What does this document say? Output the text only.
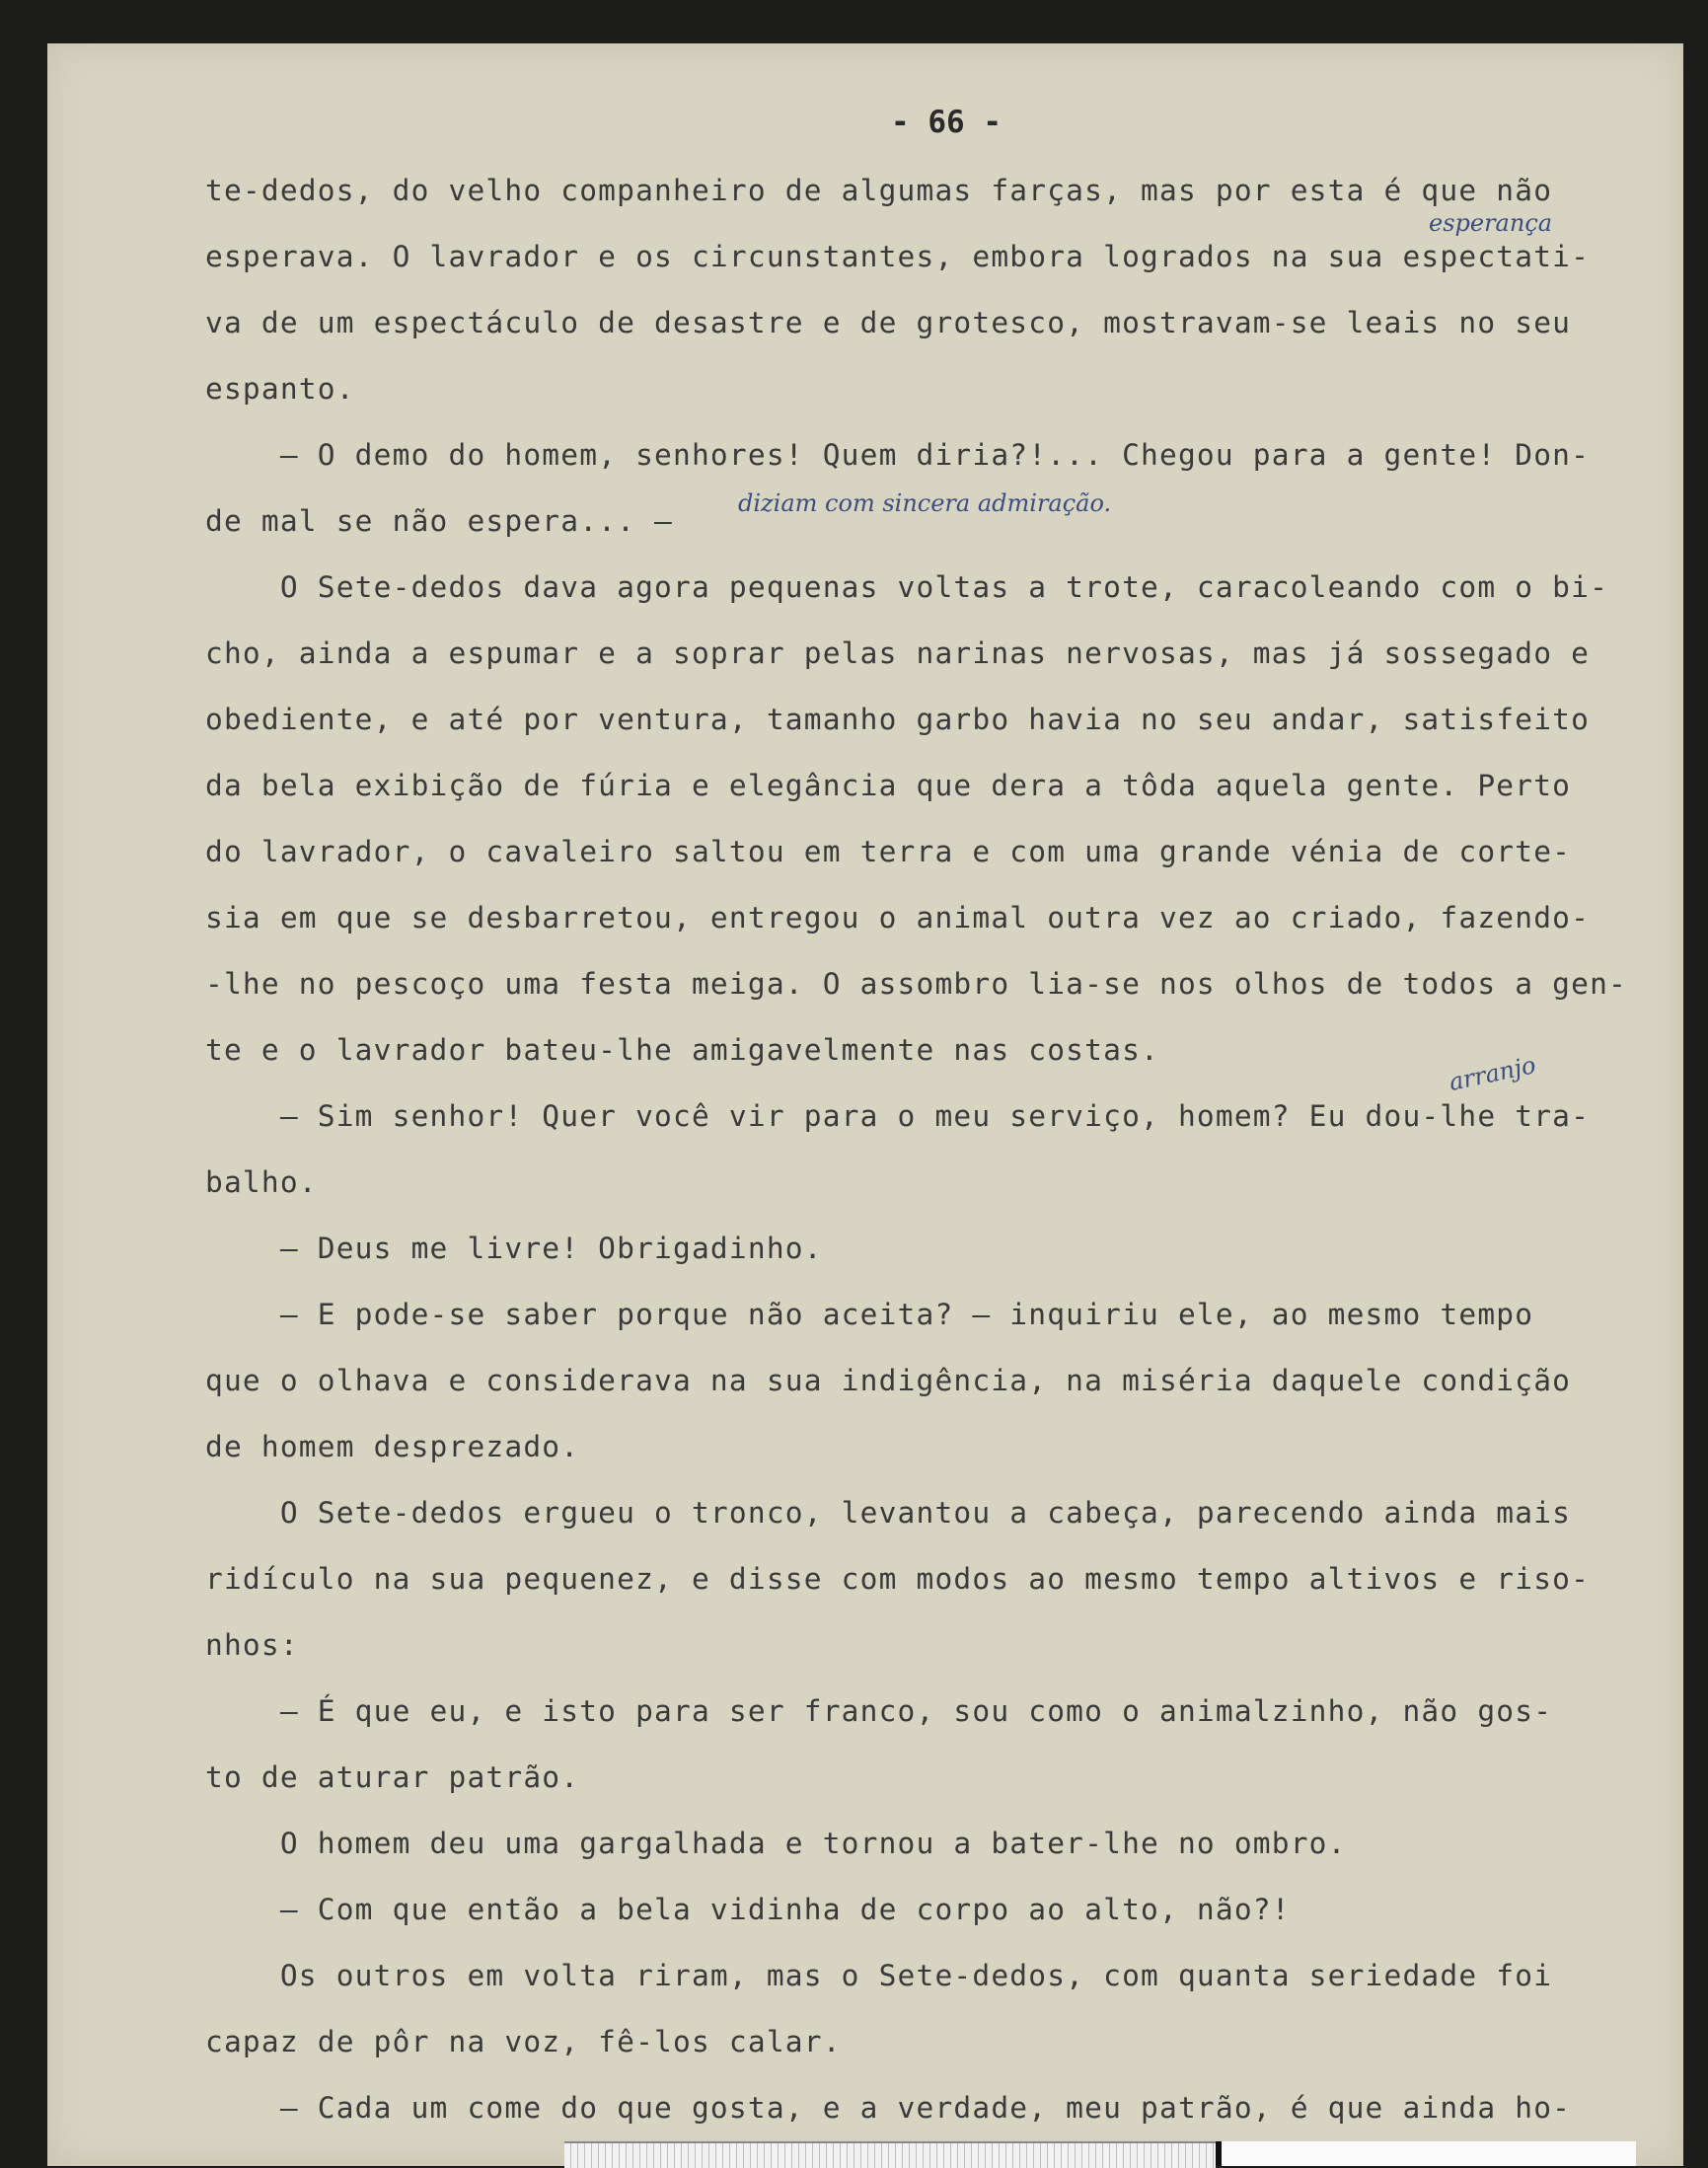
- 66 -
te-dedos, do velho companheiro de algumas farças, mas por esta é que não
esperava. O lavrador e os circunstantes, embora logrados na sua espectati-
va de um espectáculo de desastre e de grotesco, mostravam-se leais no seu
espanto.
— O demo do homem, senhores! Quem diria?!... Chegou para a gente! Don-
de mal se não espera... —
O Sete-dedos dava agora pequenas voltas a trote, caracoleando com o bi-
cho, ainda a espumar e a soprar pelas narinas nervosas, mas já sossegado e
obediente, e até por ventura, tamanho garbo havia no seu andar, satisfeito
da bela exibição de fúria e elegância que dera a tôda aquela gente. Perto
do lavrador, o cavaleiro saltou em terra e com uma grande vénia de corte-
sia em que se desbarretou, entregou o animal outra vez ao criado, fazendo-
-lhe no pescoço uma festa meiga. O assombro lia-se nos olhos de todos a gen-
te e o lavrador bateu-lhe amigavelmente nas costas.
— Sim senhor! Quer você vir para o meu serviço, homem? Eu dou-lhe tra-
balho.
— Deus me livre! Obrigadinho.
— E pode-se saber porque não aceita? — inquiriu ele, ao mesmo tempo
que o olhava e considerava na sua indigência, na miséria daquele condição
de homem desprezado.
O Sete-dedos ergueu o tronco, levantou a cabeça, parecendo ainda mais
ridículo na sua pequenez, e disse com modos ao mesmo tempo altivos e riso-
nhos:
— É que eu, e isto para ser franco, sou como o animalzinho, não gos-
to de aturar patrão.
O homem deu uma gargalhada e tornou a bater-lhe no ombro.
— Com que então a bela vidinha de corpo ao alto, não?!
Os outros em volta riram, mas o Sete-dedos, com quanta seriedade foi
capaz de pôr na voz, fê-los calar.
— Cada um come do que gosta, e a verdade, meu patrão, é que ainda ho-
esperança
diziam com sincera admiração.
arranjo
